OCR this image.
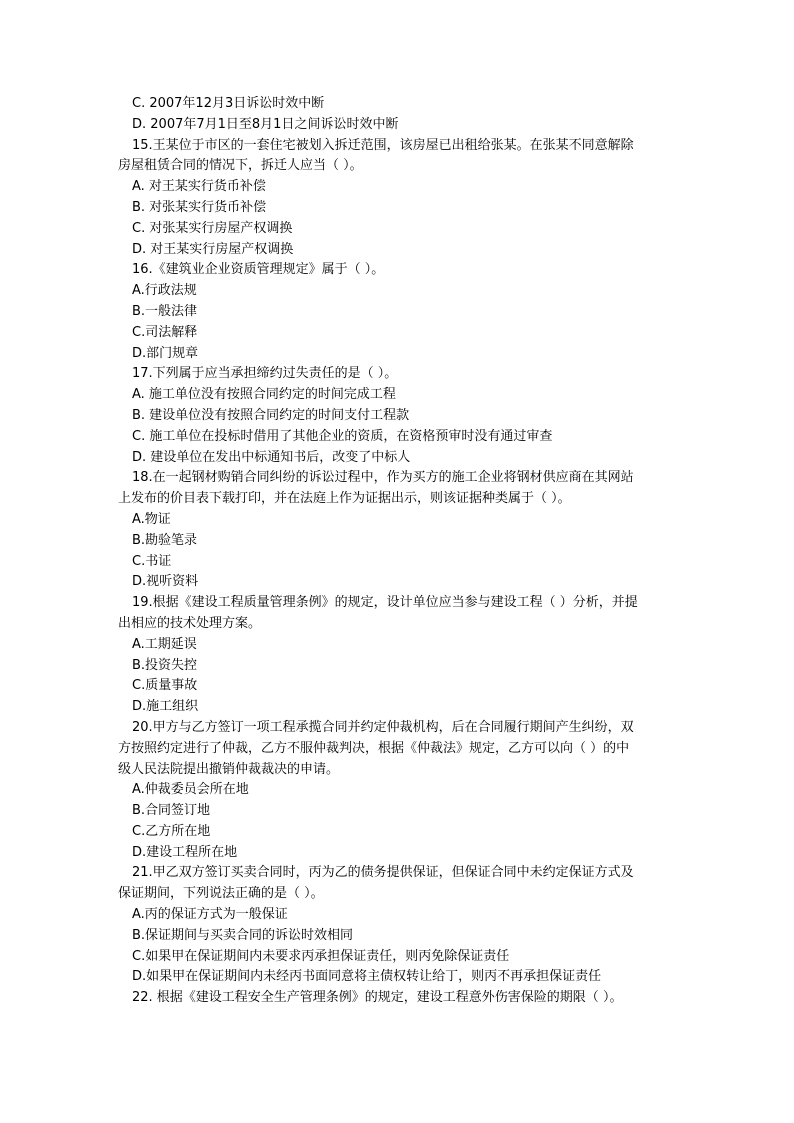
C. 2007年12月3日诉讼时效中断
D. 2007年7月1日至8月1日之间诉讼时效中断
15.王某位于市区的一套住宅被划入拆迁范围，该房屋已出租给张某。在张某不同意解除
房屋租赁合同的情况下，拆迁人应当（ ）。
A. 对王某实行货币补偿
B. 对张某实行货币补偿
C. 对张某实行房屋产权调换
D. 对王某实行房屋产权调换
16.《建筑业企业资质管理规定》属于（ ）。
A.行政法规
B.一般法律
C.司法解释
D.部门规章
17.下列属于应当承担缔约过失责任的是（ ）。
A. 施工单位没有按照合同约定的时间完成工程
B. 建设单位没有按照合同约定的时间支付工程款
C. 施工单位在投标时借用了其他企业的资质，在资格预审时没有通过审查
D. 建设单位在发出中标通知书后，改变了中标人
18.在一起钢材购销合同纠纷的诉讼过程中，作为买方的施工企业将钢材供应商在其网站
上发布的价目表下载打印，并在法庭上作为证据出示，则该证据种类属于（ ）。
A.物证
B.勘验笔录
C.书证
D.视听资料
19.根据《建设工程质量管理条例》的规定，设计单位应当参与建设工程（ ）分析，并提
出相应的技术处理方案。
A.工期延误
B.投资失控
C.质量事故
D.施工组织
20.甲方与乙方签订一项工程承揽合同并约定仲裁机构，后在合同履行期间产生纠纷，双
方按照约定进行了仲裁，乙方不服仲裁判决，根据《仲裁法》规定，乙方可以向（ ）的中
级人民法院提出撤销仲裁裁决的申请。
A.仲裁委员会所在地
B.合同签订地
C.乙方所在地
D.建设工程所在地
21.甲乙双方签订买卖合同时，丙为乙的债务提供保证，但保证合同中未约定保证方式及
保证期间，下列说法正确的是（ ）。
A.丙的保证方式为一般保证
B.保证期间与买卖合同的诉讼时效相同
C.如果甲在保证期间内未要求丙承担保证责任，则丙免除保证责任
D.如果甲在保证期间内未经丙书面同意将主债权转让给丁，则丙不再承担保证责任
22. 根据《建设工程安全生产管理条例》的规定，建设工程意外伤害保险的期限（ ）。
